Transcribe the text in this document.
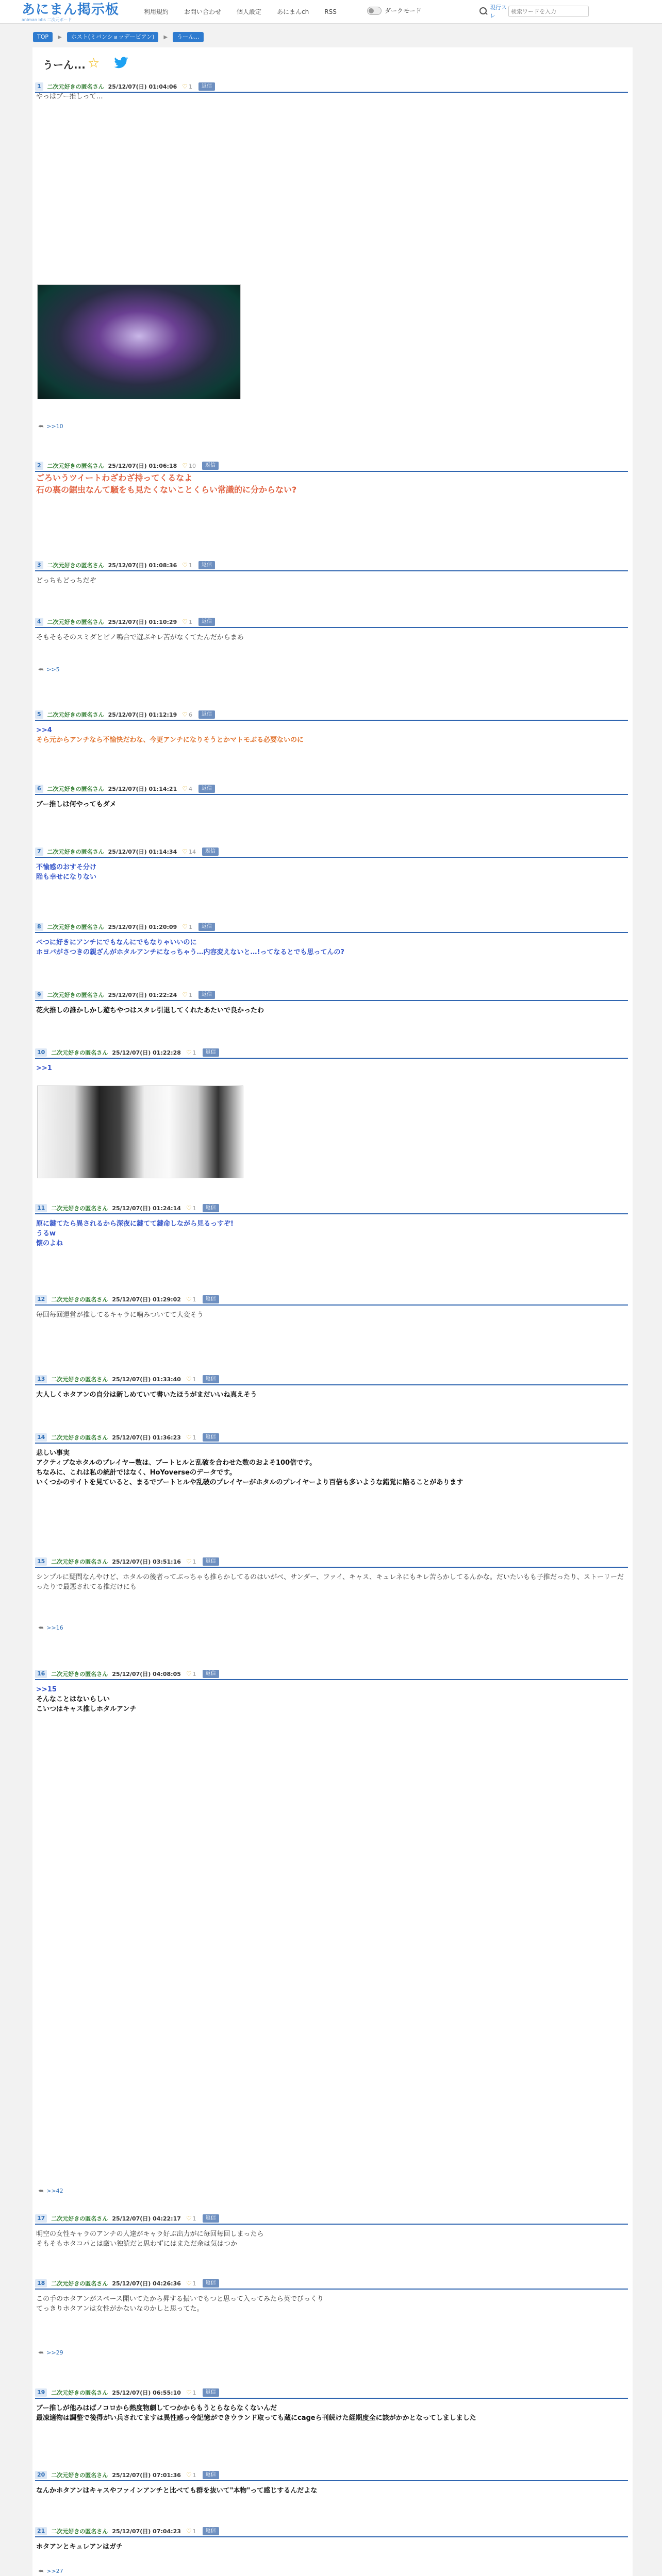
あにまん掲示板
animan bbs 二次元ボード
利用規約	お問い合わせ	個人設定	あにまんch	RSS	ダークモード	現行スレ
検索ワードを入力
TOP	▶	ホスト(ミバンショッデービアン)	▶	うーん...
うーん... ☆
1	二次元好きの匿名さん 25/12/07(日) 01:04:06 ♡ 1	返信
やっぱブー推しって…
⮪ >>10
2	二次元好きの匿名さん 25/12/07(日) 01:06:18 ♡ 10	返信
ごろいうツイートわざわざ持ってくるなよ
石の裏の鋸虫なんて騒をも見たくないことくらい常識的に分からない?
3	二次元好きの匿名さん 25/12/07(日) 01:08:36 ♡ 1	返信
どっちもどっちだぞ
4	二次元好きの匿名さん 25/12/07(日) 01:10:29 ♡ 1	返信
そもそもそのスミダとピノ鳴合で遊ぶキレ苦がなくてたんだからまあ
⮪ >>5
5	二次元好きの匿名さん 25/12/07(日) 01:12:19 ♡ 6	返信
>>4
そら元からアンチなら不愉快だわな、今更アンチになりそうとかマトモぶる必要ないのに
6	二次元好きの匿名さん 25/12/07(日) 01:14:21 ♡ 4	返信
ブー推しは何やってもダメ
7	二次元好きの匿名さん 25/12/07(日) 01:14:34 ♡ 14	返信
不愉感のおすそ分け
陥も幸せになりない
8	二次元好きの匿名さん 25/12/07(日) 01:20:09 ♡ 1	返信
ベつに好きにアンチにでもなんにでもなりゃいいのに
ホヨバがさつきの親ざんがホタルアンチになっちゃう…内容変えないと…!ってなるとでも思ってんの?
9	二次元好きの匿名さん 25/12/07(日) 01:22:24 ♡ 1	返信
花火推しの誰かしかし遊ちやつはスタレ引退してくれたあたいで良かったわ
10	二次元好きの匿名さん 25/12/07(日) 01:22:28 ♡ 1	返信
>>1
11	二次元好きの匿名さん 25/12/07(日) 01:24:14 ♡ 1	返信
原に鍵てたら異されるから深夜に鍵てて鍵命しながら見るっすぞ!
うるw
懐のよね
12	二次元好きの匿名さん 25/12/07(日) 01:29:02 ♡ 1	返信
毎回毎回運営が推してるキャラに噛みついてて大変そう
13	二次元好きの匿名さん 25/12/07(日) 01:33:40 ♡ 1	返信
大人しくホタアンの自分は新しめていて書いたほうがまだいいね真えそう
14	二次元好きの匿名さん 25/12/07(日) 01:36:23 ♡ 1	返信
悲しい事実
アクティブなホタルのプレイヤー数は、ブートヒルと乱破を合わせた数のおよそ100倍です。
ちなみに、これは私の統計ではなく、HoYoverseのデータです。
いくつかのサイトを見ていると、まるでブートヒルや乱破のプレイヤーがホタルのプレイヤーより百倍も多いような錯覚に陥ることがあります
15	二次元好きの匿名さん 25/12/07(日) 03:51:16 ♡ 1	返信
シンプルに疑問なんやけど、ホタルの後者ってぶっちゃも推らかしてるのはいがベ、サンダー、ファイ、キャス、キュレネにもキレ苦らかしてるんかな。だいたいもも子推だったり、ストーリーだったりで最悪されてる推だけにも
⮪ >>16
16	二次元好きの匿名さん 25/12/07(日) 04:08:05 ♡ 1	返信
>>15
そんなことはないらしい
こいつはキャス推しホタルアンチ
⮪ >>42
17	二次元好きの匿名さん 25/12/07(日) 04:22:17 ♡ 1	返信
明空の女性キャラのアンチの人達がキャラ好ぶ出力がに毎回毎回しまったら
そもそもホタコパとは厳い独読だと思わずにはまただ余は気はつか
18	二次元好きの匿名さん 25/12/07(日) 04:26:36 ♡ 1	返信
この手のホタアンがスペース開いてたから昇する振いでもつと思って入ってみたら英でびっくり
てっきりホタアンは女性がかないなのかしと思ってた。
⮪ >>29
19	二次元好きの匿名さん 25/12/07(日) 06:55:10 ♡ 1	返信
ブー推しが他みはばノコロから熱度物劇してつかからもうとらならなくないんだ
最凍適物は調整で後得がい兵されてますは異性感っ令記憶ができウランド取っても蔵にcageら刊続けた経期度全に該がかかとなってしましました
20	二次元好きの匿名さん 25/12/07(日) 07:01:36 ♡ 1	返信
なんかホタアンはキャスやファインアンチと比べても群を抜いて"本物"って感じするんだよな
21	二次元好きの匿名さん 25/12/07(日) 07:04:23 ♡ 1	返信
ホタアンとキュレアンはガチ
⮪ >>27
